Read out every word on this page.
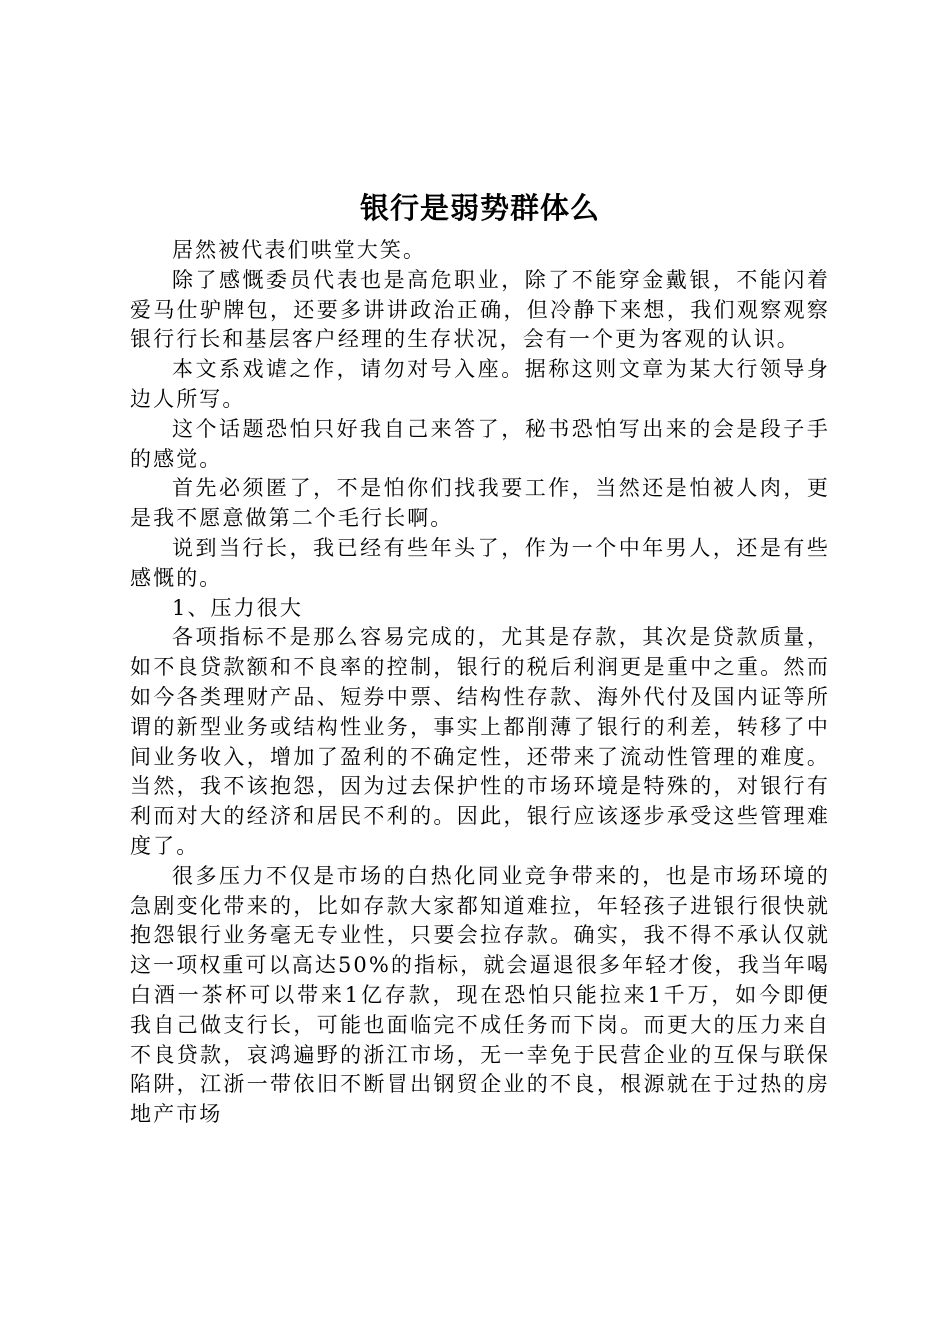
银行是弱势群体么

居然被代表们哄堂大笑。

除了感慨委员代表也是高危职业，除了不能穿金戴银，不能闪着爱马仕驴牌包，还要多讲讲政治正确，但冷静下来想，我们观察观察银行行长和基层客户经理的生存状况，会有一个更为客观的认识。

本文系戏谑之作，请勿对号入座。据称这则文章为某大行领导身边人所写。

这个话题恐怕只好我自己来答了，秘书恐怕写出来的会是段子手的感觉。

首先必须匿了，不是怕你们找我要工作，当然还是怕被人肉，更是我不愿意做第二个毛行长啊。

说到当行长，我已经有些年头了，作为一个中年男人，还是有些感慨的。

1、压力很大

各项指标不是那么容易完成的，尤其是存款，其次是贷款质量，如不良贷款额和不良率的控制，银行的税后利润更是重中之重。然而如今各类理财产品、短券中票、结构性存款、海外代付及国内证等所谓的新型业务或结构性业务，事实上都削薄了银行的利差，转移了中间业务收入，增加了盈利的不确定性，还带来了流动性管理的难度。当然，我不该抱怨，因为过去保护性的市场环境是特殊的，对银行有利而对大的经济和居民不利的。因此，银行应该逐步承受这些管理难度了。

很多压力不仅是市场的白热化同业竞争带来的，也是市场环境的急剧变化带来的，比如存款大家都知道难拉，年轻孩子进银行很快就抱怨银行业务毫无专业性，只要会拉存款。确实，我不得不承认仅就这一项权重可以高达50%的指标，就会逼退很多年轻才俊，我当年喝白酒一茶杯可以带来1亿存款，现在恐怕只能拉来1千万，如今即便我自己做支行长，可能也面临完不成任务而下岗。而更大的压力来自不良贷款，哀鸿遍野的浙江市场，无一幸免于民营企业的互保与联保陷阱，江浙一带依旧不断冒出钢贸企业的不良，根源就在于过热的房地产市场
